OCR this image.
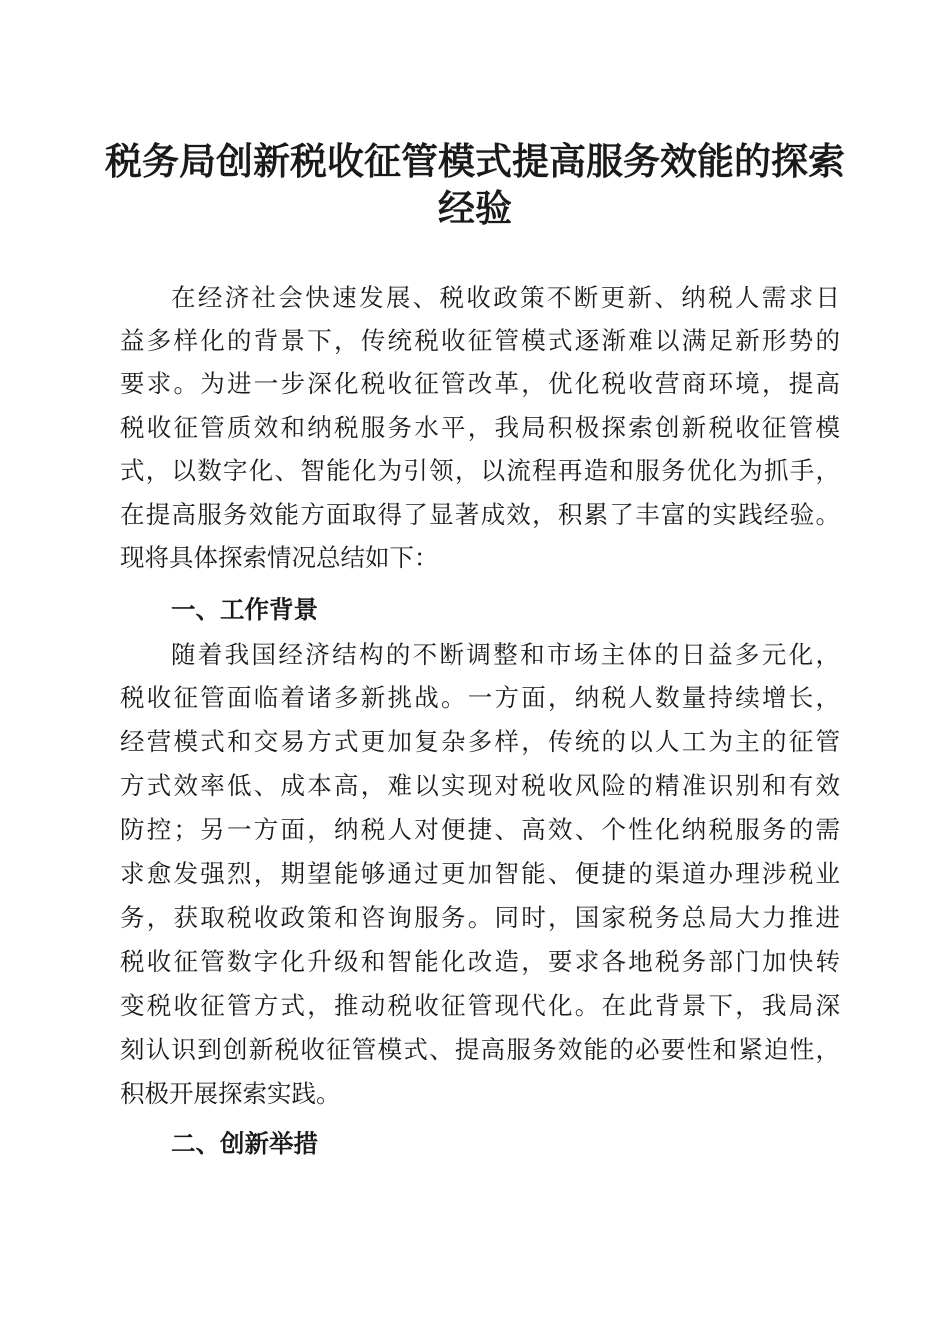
税务局创新税收征管模式提高服务效能的探索
经验

在经济社会快速发展、税收政策不断更新、纳税人需求日

益多样化的背景下，传统税收征管模式逐渐难以满足新形势的

要求。为进一步深化税收征管改革，优化税收营商环境，提高

税收征管质效和纳税服务水平，我局积极探索创新税收征管模

式，以数字化、智能化为引领，以流程再造和服务优化为抓手，

在提高服务效能方面取得了显著成效，积累了丰富的实践经验。

现将具体探索情况总结如下：

一、工作背景

随着我国经济结构的不断调整和市场主体的日益多元化，

税收征管面临着诸多新挑战。一方面，纳税人数量持续增长，

经营模式和交易方式更加复杂多样，传统的以人工为主的征管

方式效率低、成本高，难以实现对税收风险的精准识别和有效

防控；另一方面，纳税人对便捷、高效、个性化纳税服务的需

求愈发强烈，期望能够通过更加智能、便捷的渠道办理涉税业

务，获取税收政策和咨询服务。同时，国家税务总局大力推进

税收征管数字化升级和智能化改造，要求各地税务部门加快转

变税收征管方式，推动税收征管现代化。在此背景下，我局深

刻认识到创新税收征管模式、提高服务效能的必要性和紧迫性，

积极开展探索实践。

二、创新举措
